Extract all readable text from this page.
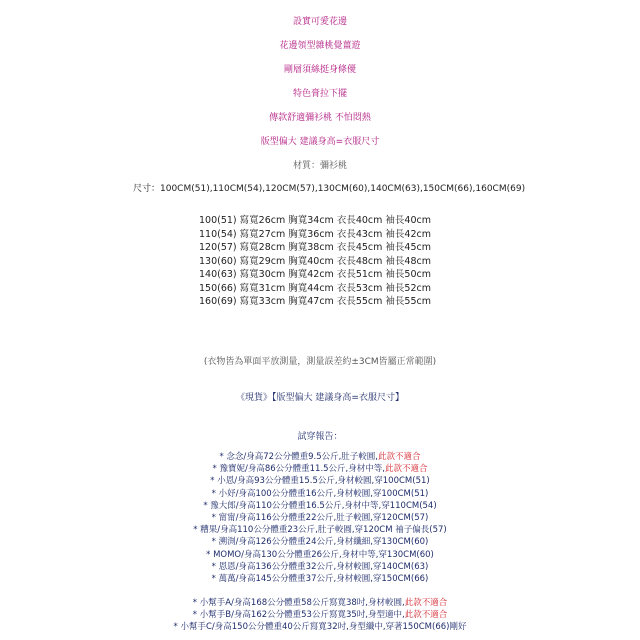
設實可愛花邊
花邊領型雜桃覺薑遊
剛層須絲挺身條優
特色膏拉下擺
傳款舒適彌衫桃 不怕悶熱
版型偏大 建議身高=衣服尺寸
材質：彌衫桃
尺寸：100CM(51),110CM(54),120CM(57),130CM(60),140CM(63),150CM(66),160CM(69)
100(51) 寫寬26cm 胸寬34cm 衣長40cm 袖長40cm
110(54) 寫寬27cm 胸寬36cm 衣長43cm 袖長42cm
120(57) 寫寬28cm 胸寬38cm 衣長45cm 袖長45cm
130(60) 寫寬29cm 胸寬40cm 衣長48cm 袖長48cm
140(63) 寫寬30cm 胸寬42cm 衣長51cm 袖長50cm
150(66) 寫寬31cm 胸寬44cm 衣長53cm 袖長52cm
160(69) 寫寬33cm 胸寬47cm 衣長55cm 袖長55cm
(衣物皆為單面平放測量，測量誤差約±3CM皆屬正常範圍)
《現貨》【版型偏大 建議身高=衣服尺寸】
試穿報告：
* 念念/身高72公分體重9.5公斤,肚子較圓,此款不適合
* 豫寶妮/身高86公分體重11.5公斤,身材中等,此款不適合
* 小恩/身高93公分體重15.5公斤,身材較圓,穿100CM(51)
* 小妤/身高100公分體重16公斤,身材較圓,穿100CM(51)
* 豫大郎/身高110公分體重16.5公斤,身材中等,穿110CM(54)
* 甯甯/身高116公分體重22公斤,肚子較圓,穿120CM(57)
* 糟果/身高110公分體重23公斤,肚子較圓,穿120CM 袖子偏長(57)
* 溯渕/身高126公分體重24公斤,身材纖細,穿130CM(60)
* MOMO/身高130公分體重26公斤,身材中等,穿130CM(60)
* 恩恩/身高136公分體重32公斤,身材較圓,穿140CM(63)
* 萬萬/身高145公分體重37公斤,身材較圓,穿150CM(66)
* 小幫手A/身高168公分體重58公斤寫寬38吋,身材較圓,此款不適合
* 小幫手B/身高162公分體重53公斤寫寬35吋,身型適中,此款不適合
* 小幫手C/身高150公分體重40公斤寫寬32吋,身型纖中,穿著150CM(66)剛好
